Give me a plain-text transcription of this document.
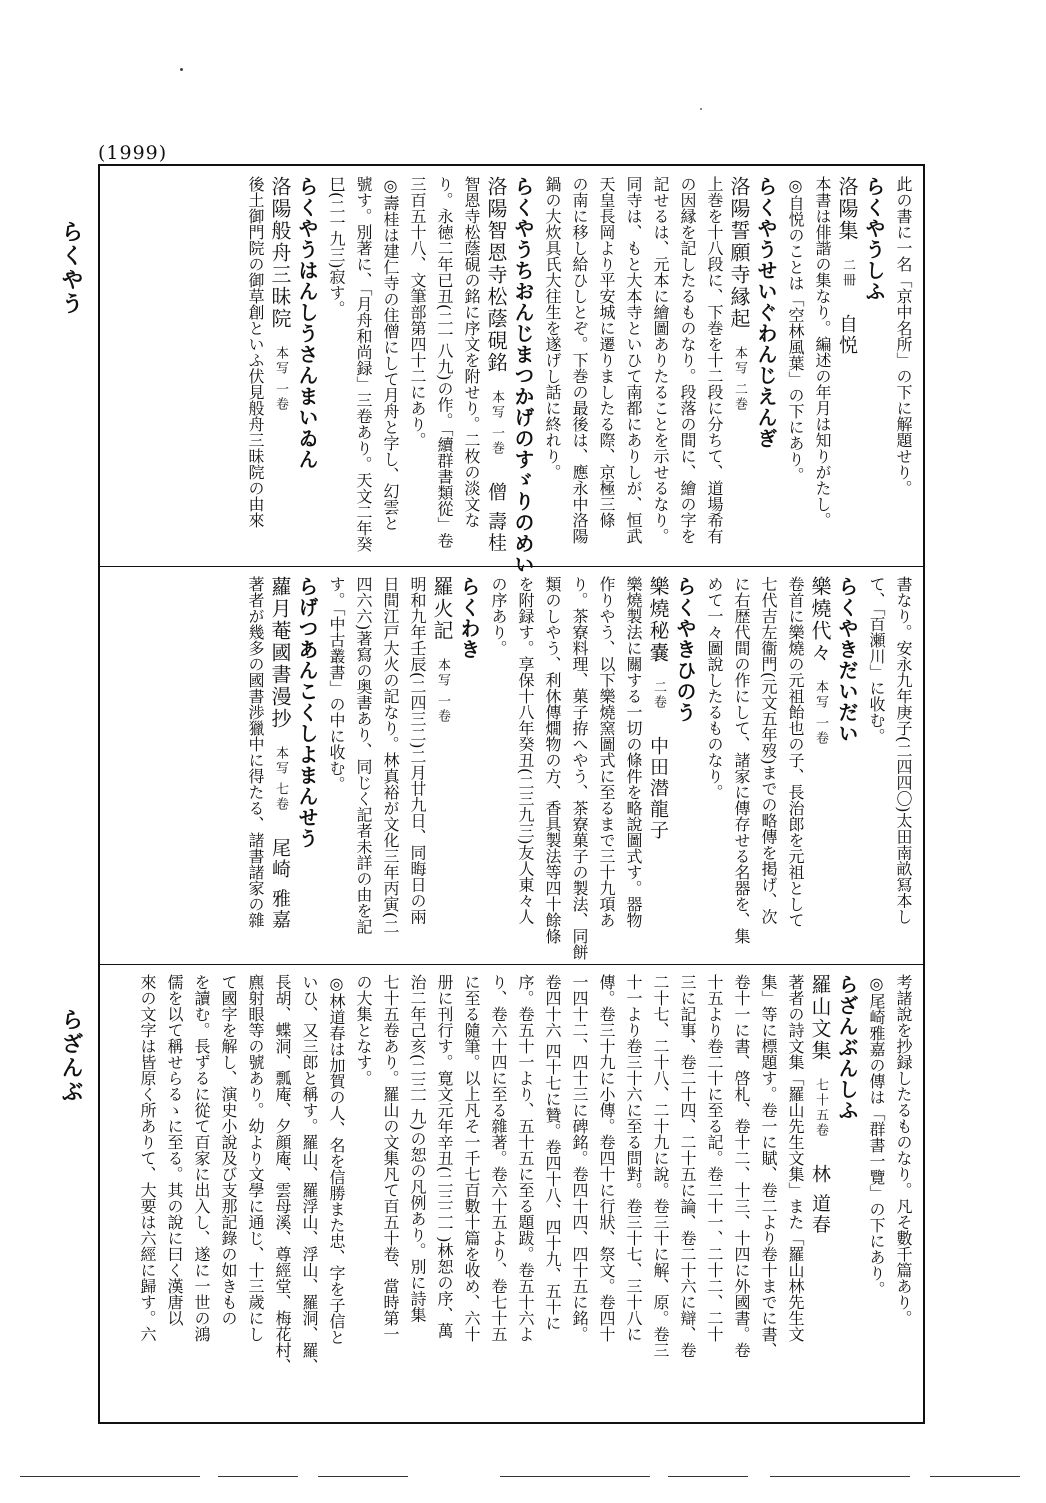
(1999)
らくやう
らざんぶ
此の書に一名「京中名所」の下に解題せり。
らくやうしふ
洛陽集二冊自悦
本書は俳諧の集なり。編述の年月は知りがたし。
◎自悦のことは「空林風葉」の下にあり。
らくやうせいぐわんじえんぎ
洛陽誓願寺縁起本写 二巻
上巻を十八段に、下巻を十二段に分ちて、道場希有
の因縁を記したるものなり。段落の間に、繪の字を
記せるは、元本に繪圖ありたることを示せるなり。
同寺は、もと大本寺といひて南都にありしが、恒武
天皇長岡より平安城に遷りましたる際、京極三條
の南に移し給ひしとぞ。下巻の最後は、應永中洛陽
鍋の大炊具氏大往生を遂げし話に終れり。
らくやうちおんじまつかげのすゞりのめい
洛陽智恩寺松蔭硯銘本写 一巻僧 壽桂
智恩寺松蔭硯の銘に序文を附せり。二枚の淡文な
り。永徳二年已丑(二一八九)の作。「續群書類從」卷
三百五十八、文筆部第四十二にあり。
◎壽桂は建仁寺の住僧にして月舟と字し、幻雲と
號す。別著に、「月舟和尚録」三卷あり。天文二年癸
巳(二一九三)寂す。
らくやうはんしうさんまいゐん
洛陽般舟三昧院本写 一卷
後土御門院の御草創といふ伏見般舟三昧院の由來
書なり。安永九年庚子(二四四〇)太田南畝冩本し
て、「百瀬川」に收む。
らくやきだいだい
樂燒代々本写 一卷
卷首に樂燒の元祖飴也の子、長治郎を元祖として
七代吉左衞門(元文五年歿)までの略傳を掲げ、次
に右歴代間の作にして、諸家に傳存せる名器を、集
めて一々圖說したるものなり。
らくやきひのう
樂燒秘嚢二卷中田潜龍子
樂燒製法に關する一切の條件を略說圖式す。器物
作りやう、以下樂燒窯圖式に至るまで三十九項あ
り。茶寮料理、菓子拵へやう、茶寮菓子の製法、同餅
類のしやう、利休傳燗物の方、香具製法等四十餘條
を附録す。享保十八年癸丑(二三九三)友人東々人
の序あり。
らくわき
羅火記本写 一卷
明和九年壬辰(二四三二)二月廿九日、同晦日の兩
日間江戸大火の記なり。林真裕が文化三年丙寅(二
四六六)著寫の奥書あり、同じく記者未詳の由を記
す。「中古叢書」の中に收む。
らげつあんこくしよまんせう
蘿月菴國書漫抄本写 七卷尾崎 雅嘉
著者が幾多の國書渉獵中に得たる、諸書諸家の雜
考諸說を抄録したるものなり。凡そ數千篇あり。
◎尾崎雅嘉の傳は「群書一覽」の下にあり。
らざんぶんしふ
羅山文集七十五卷林 道春
著者の詩文集「羅山先生文集」また「羅山林先生文
集」等に標題す。卷一に賦、卷二より卷十までに書、
卷十一に書、啓札、卷十二、十三、十四に外國書。卷
十五より卷二十に至る記。卷二十一、二十二、二十
三に記事、卷二十四、二十五に論、卷二十六に辯、卷
二十七、二十八、二十九に說。卷三十に解、原。卷三
十一より卷三十六に至る問對。卷三十七、三十八に
傳。卷三十九に小傳。卷四十に行狀、祭文。卷四十
一四十二、四十三に碑銘。卷四十四、四十五に銘。
卷四十六 四十七に贊。卷四十八、四十九、五十に
序。卷五十一より、五十五に至る題跋。卷五十六よ
り、卷六十四に至る雜著。卷六十五より、卷七十五
に至る隨筆。以上凡そ一千七百數十篇を收め、六十
册に刊行す。寛文元年辛丑(二三二一)林恕の序、萬
治二年己亥(二三一九)の恕の凡例あり。別に詩集
七十五卷あり。羅山の文集凡て百五十卷、當時第一
の大集となす。
◎林道春は加賀の人、名を信勝また忠、字を子信と
いひ、又三郎と稱す。羅山、羅浮山、浮山、羅洞、羅、
長胡、蝶洞、瓢庵、夕顔庵、雲母溪、尊經堂、梅花村、
麃射眼等の號あり。幼より文學に通じ、十三歲にし
て國字を解し、演史小說及び支那記錄の如きもの
を讀む。長ずるに從て百家に出入し、遂に一世の鴻
儒を以て稱せらるゝに至る。其の說に曰く漢唐以
來の文字は皆原く所ありて、大要は六經に歸す。六
